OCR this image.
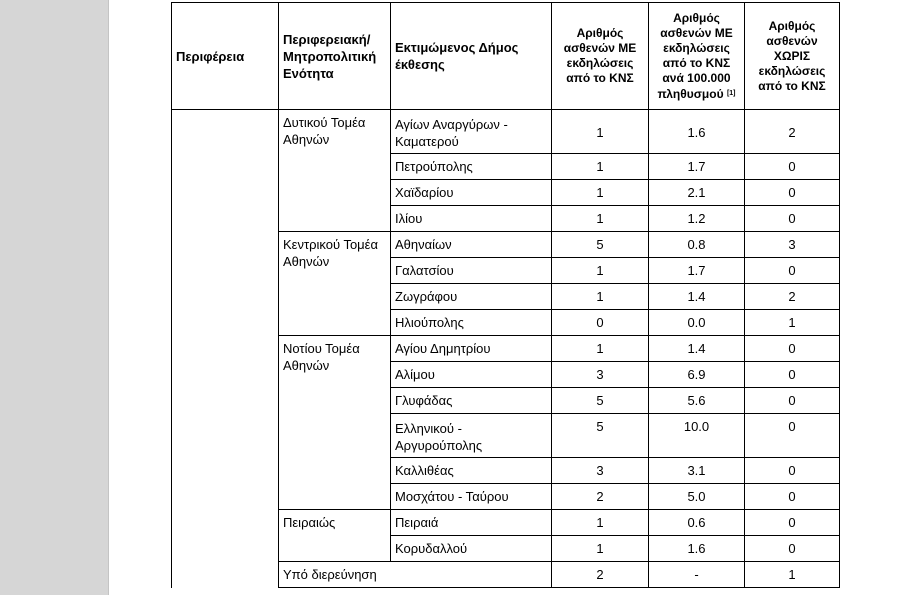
Περιφέρεια	Περιφερειακή/ Μητροπολιτική Ενότητα	Εκτιμώμενος Δήμος έκθεσης	Αριθμός ασθενών ΜΕ εκδηλώσεις από το ΚΝΣ	Αριθμός ασθενών ΜΕ εκδηλώσεις από το ΚΝΣ ανά 100.000 πληθυσμού [1]	Αριθμός ασθενών ΧΩΡΙΣ εκδηλώσεις από το ΚΝΣ
	Δυτικού Τομέα Αθηνών	Αγίων Αναργύρων - Καματερού	1	1.6	2
		Πετρούπολης	1	1.7	0
		Χαϊδαρίου	1	2.1	0
		Ιλίου	1	1.2	0
	Κεντρικού Τομέα Αθηνών	Αθηναίων	5	0.8	3
		Γαλατσίου	1	1.7	0
		Ζωγράφου	1	1.4	2
		Ηλιούπολης	0	0.0	1
	Νοτίου Τομέα Αθηνών	Αγίου Δημητρίου	1	1.4	0
		Αλίμου	3	6.9	0
		Γλυφάδας	5	5.6	0
		Ελληνικού - Αργυρούπολης	5	10.0	0
		Καλλιθέας	3	3.1	0
		Μοσχάτου - Ταύρου	2	5.0	0
	Πειραιώς	Πειραιά	1	0.6	0
		Κορυδαλλού	1	1.6	0
	Υπό διερεύνηση		2	-	1
